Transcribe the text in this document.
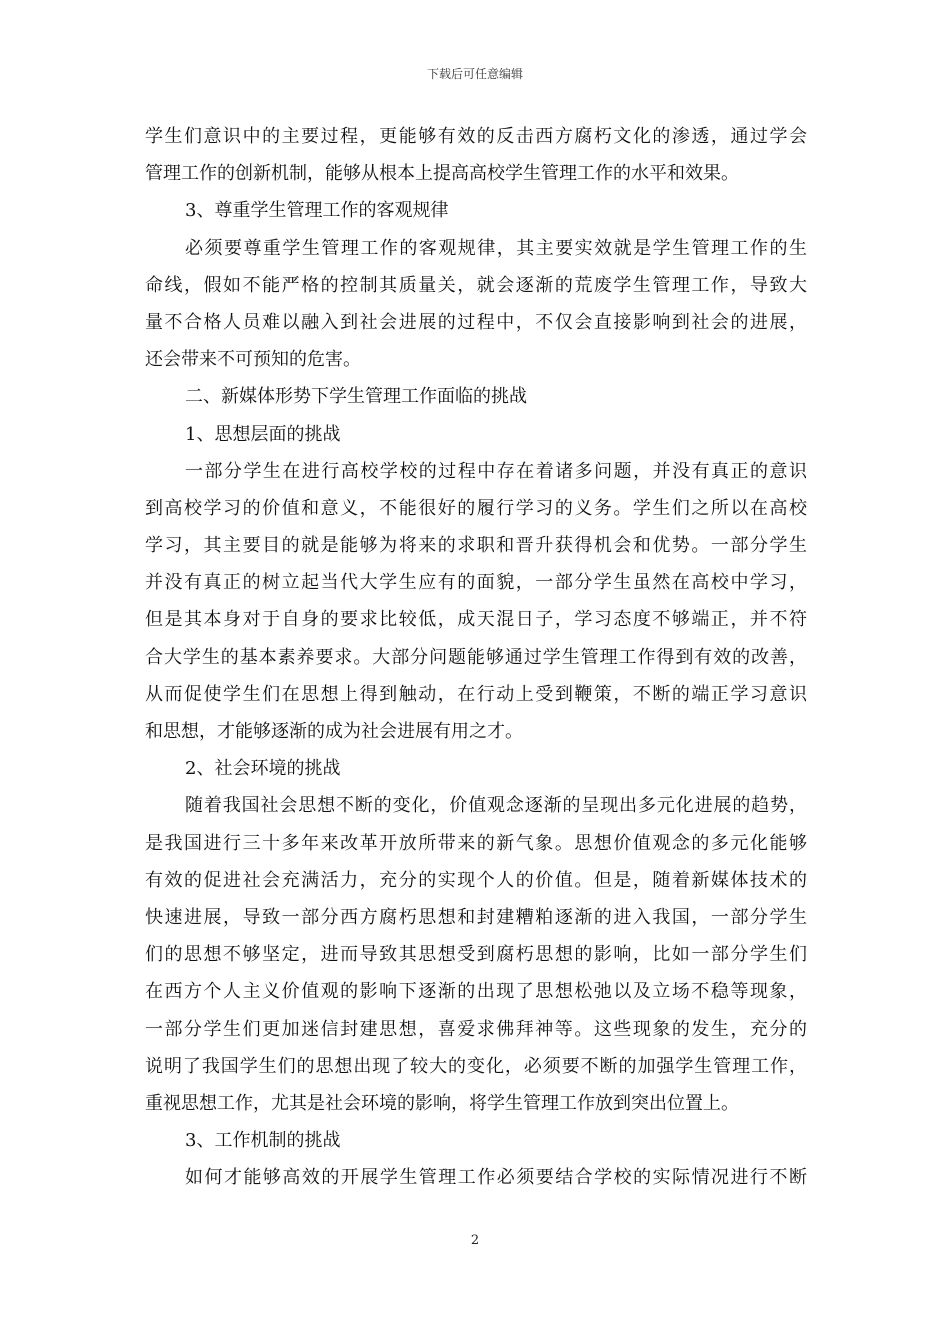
下载后可任意编辑
学生们意识中的主要过程，更能够有效的反击西方腐朽文化的渗透，通过学会
管理工作的创新机制，能够从根本上提高高校学生管理工作的水平和效果。
3、尊重学生管理工作的客观规律
必须要尊重学生管理工作的客观规律，其主要实效就是学生管理工作的生
命线，假如不能严格的控制其质量关，就会逐渐的荒废学生管理工作，导致大
量不合格人员难以融入到社会进展的过程中，不仅会直接影响到社会的进展，
还会带来不可预知的危害。
二、新媒体形势下学生管理工作面临的挑战
1、思想层面的挑战
一部分学生在进行高校学校的过程中存在着诸多问题，并没有真正的意识
到高校学习的价值和意义，不能很好的履行学习的义务。学生们之所以在高校
学习，其主要目的就是能够为将来的求职和晋升获得机会和优势。一部分学生
并没有真正的树立起当代大学生应有的面貌，一部分学生虽然在高校中学习，
但是其本身对于自身的要求比较低，成天混日子，学习态度不够端正，并不符
合大学生的基本素养要求。大部分问题能够通过学生管理工作得到有效的改善，
从而促使学生们在思想上得到触动，在行动上受到鞭策，不断的端正学习意识
和思想，才能够逐渐的成为社会进展有用之才。
2、社会环境的挑战
随着我国社会思想不断的变化，价值观念逐渐的呈现出多元化进展的趋势，
是我国进行三十多年来改革开放所带来的新气象。思想价值观念的多元化能够
有效的促进社会充满活力，充分的实现个人的价值。但是，随着新媒体技术的
快速进展，导致一部分西方腐朽思想和封建糟粕逐渐的进入我国，一部分学生
们的思想不够坚定，进而导致其思想受到腐朽思想的影响，比如一部分学生们
在西方个人主义价值观的影响下逐渐的出现了思想松弛以及立场不稳等现象，
一部分学生们更加迷信封建思想，喜爱求佛拜神等。这些现象的发生，充分的
说明了我国学生们的思想出现了较大的变化，必须要不断的加强学生管理工作，
重视思想工作，尤其是社会环境的影响，将学生管理工作放到突出位置上。
3、工作机制的挑战
如何才能够高效的开展学生管理工作必须要结合学校的实际情况进行不断
2
